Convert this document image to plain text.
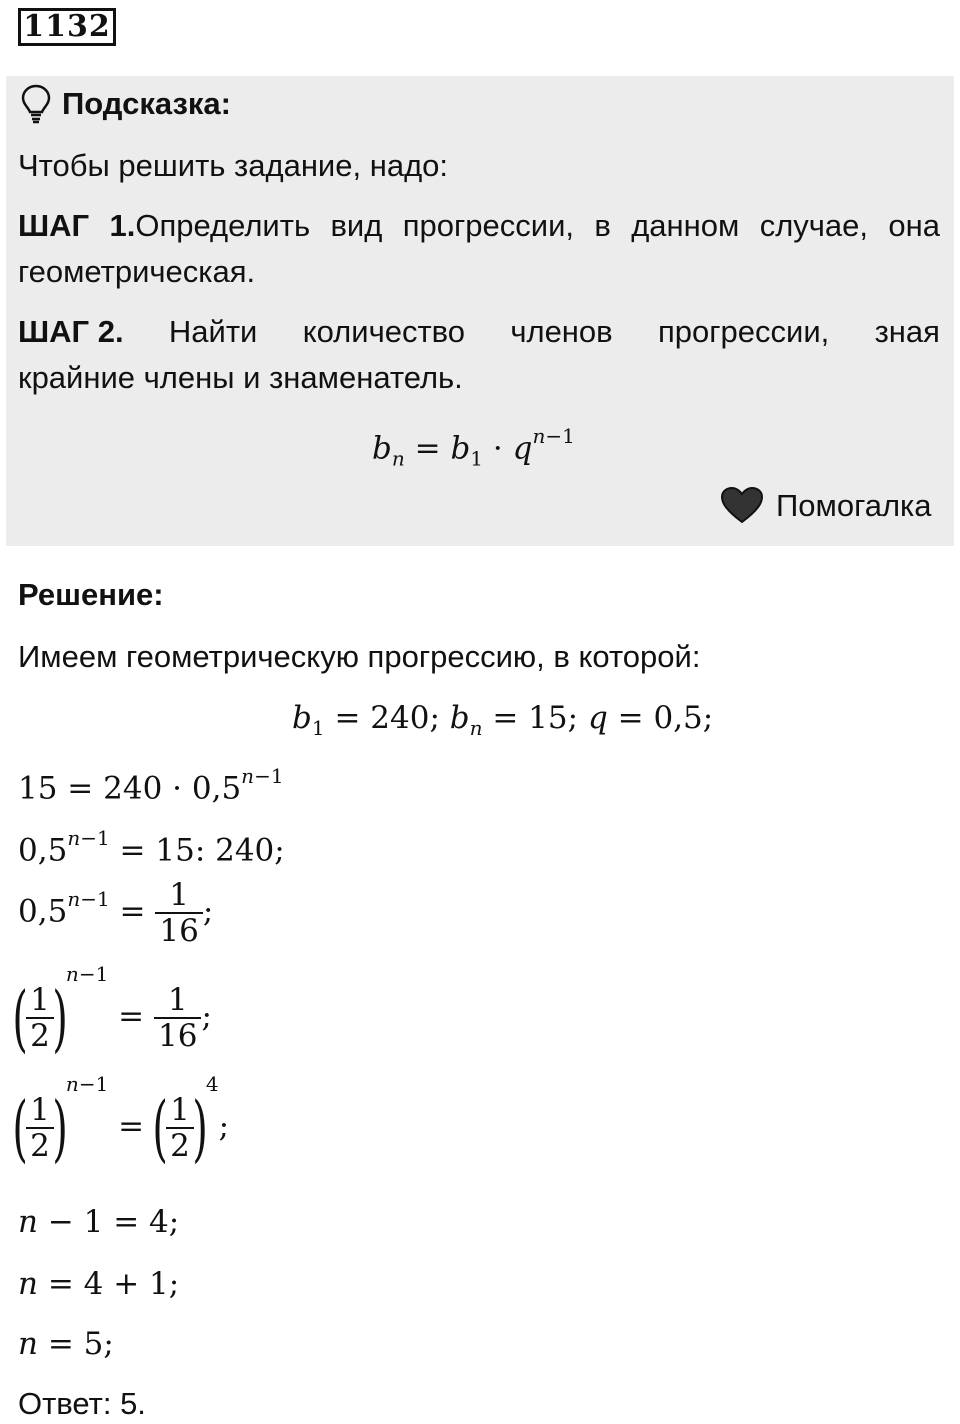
1132
Подсказка:
Чтобы решить задание, надо:
ШАГ 1.Определить вид прогрессии, в данном случае, она
геометрическая.
ШАГ 2. Найти количество членов прогрессии, зная
крайние члены и знаменатель.
$b_n = b_1 \cdot q^{n-1}$
Помогалка
Решение:
Имеем геометрическую прогрессию, в которой:
$b_1 = 240$; $b_n = 15$; q = 0,5;
$15 = 240 \cdot 0,5^{n-1}$
$0,5^{n-1} = 15$: 240;
$0,5^{n-1} = \frac{1}{16}$ ;
(
$\frac{1}{2}$
)$^{n-1} = \frac{1}{16}$ ;
(
$\frac{1}{2}$
)$^{n-1}$ = (
$\frac{1}{2}$
)$^4$;
n − 1 = 4;
n = 4 + 1;
n = 5;
Ответ: 5.
